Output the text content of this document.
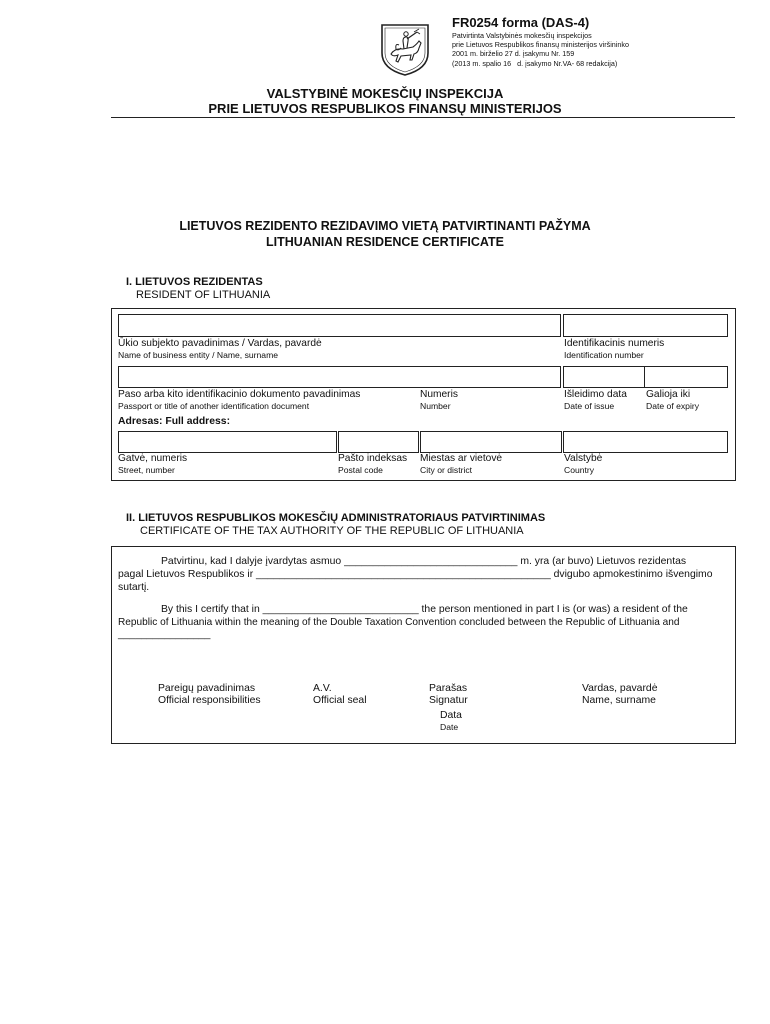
FR0254 forma (DAS-4)
Patvirtinta Valstybinės mokesčių inspekcijos
prie Lietuvos Respublikos finansų ministerijos viršininko
2001 m. birželio 27 d. įsakymu Nr. 159
(2013 m. spalio 16   d. įsakymo Nr.VA- 68 redakcija)
VALSTYBINĖ MOKESČIŲ INSPEKCIJA
PRIE LIETUVOS RESPUBLIKOS FINANSŲ MINISTERIJOS
LIETUVOS REZIDENTO REZIDAVIMO VIETĄ PATVIRTINANTI PAŽYMA
LITHUANIAN RESIDENCE CERTIFICATE
I. LIETUVOS REZIDENTAS
RESIDENT OF LITHUANIA
Ūkio subjekto pavadinimas / Vardas, pavardė
Name of business entity / Name, surname
Identifikacinis numeris
Identification number
Paso arba kito identifikacinio dokumento pavadinimas
Passport or title of another identification document
Numeris
Number
Išleidimo data
Date of issue
Galioja iki
Date of expiry
Adresas: Full address:
Gatvė, numeris
Street, number
Pašto indeksas
Postal code
Miestas ar vietovė
City or district
Valstybė
Country
II. LIETUVOS RESPUBLIKOS MOKESČIŲ ADMINISTRATORIAUS PATVIRTINIMAS
CERTIFICATE OF THE TAX AUTHORITY OF THE REPUBLIC OF LITHUANIA
Patvirtinu, kad I dalyje įvardytas asmuo ______________________________ m. yra (ar buvo) Lietuvos rezidentas
pagal Lietuvos Respublikos ir ___________________________________________________ dvigubo apmokestinimo išvengimo
sutartį.
By this I certify that in ___________________________ the person mentioned in part I is (or was) a resident of the
Republic of Lithuania within the meaning of the Double Taxation Convention concluded between the Republic of Lithuania and
________________
Pareigų pavadinimas
Official responsibilities
A.V.
Official seal
Parašas
Signatur
Data
Date
Vardas, pavardė
Name, surname
